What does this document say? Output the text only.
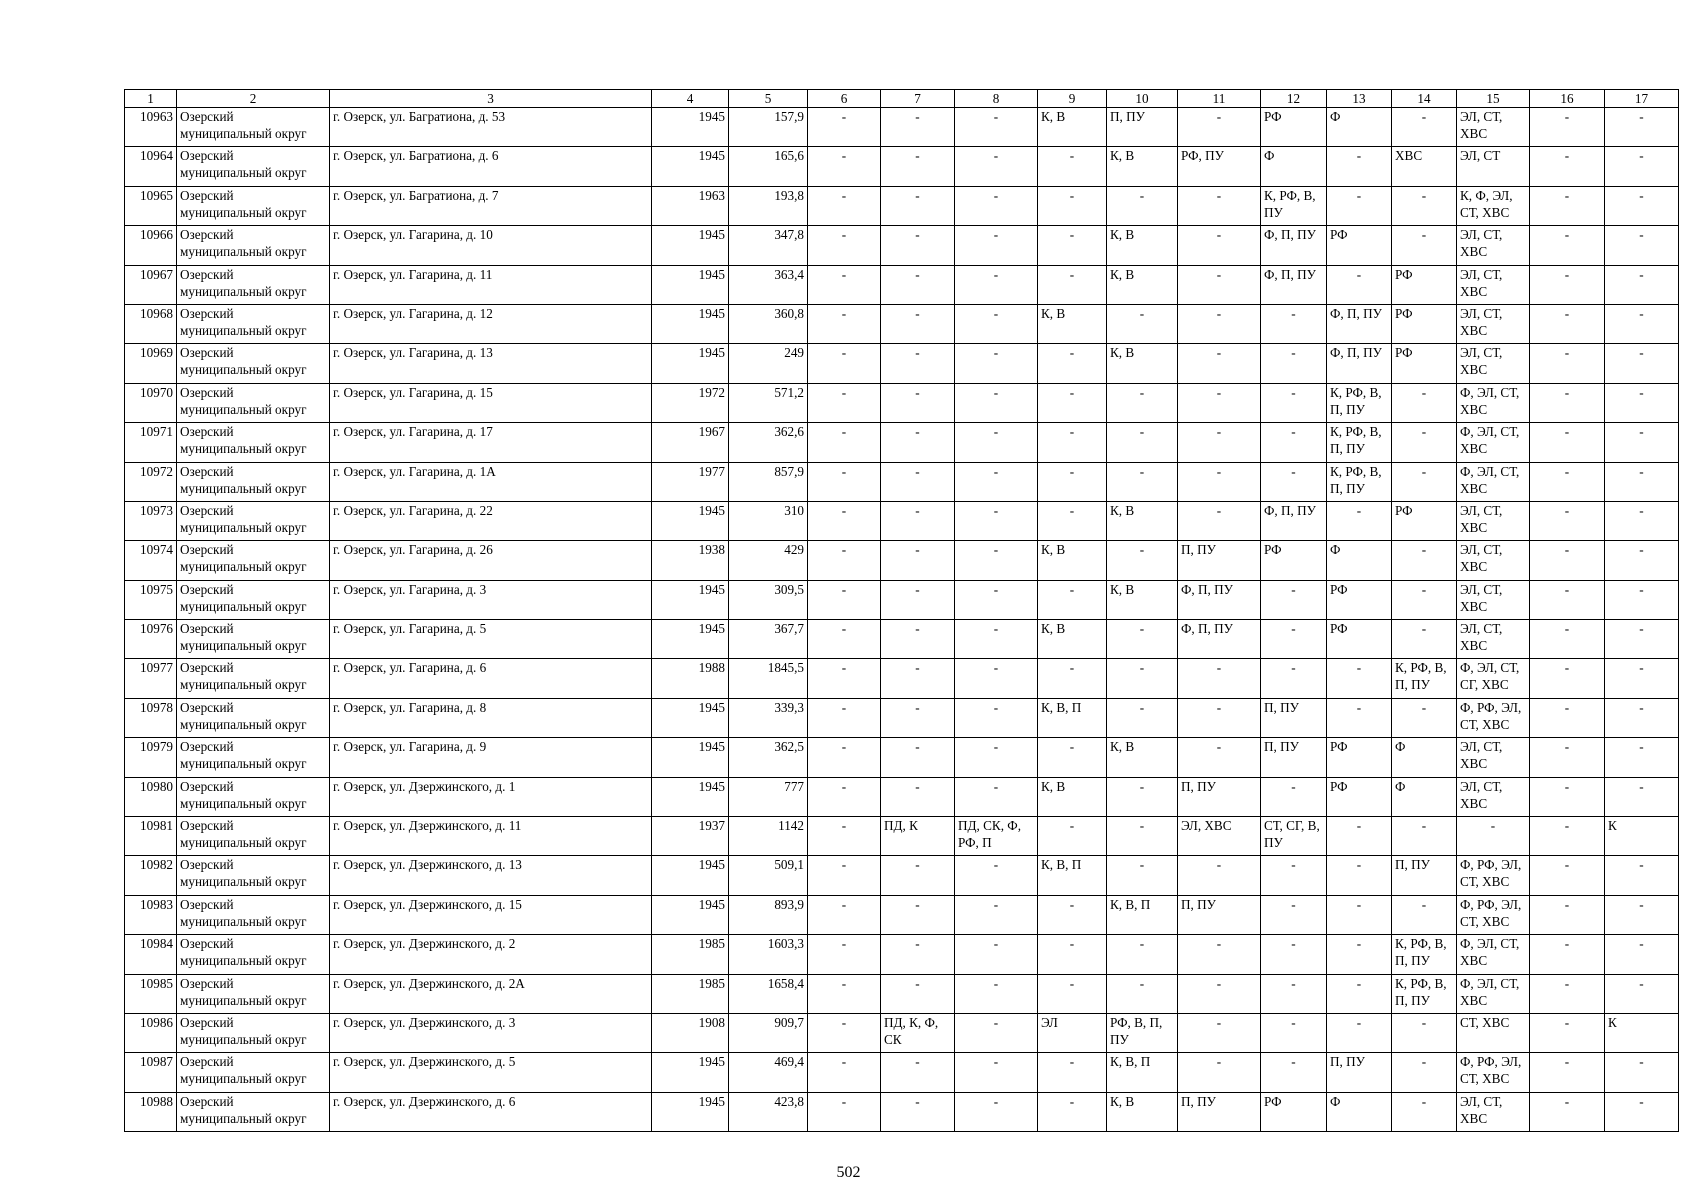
1	2	3	4	5	6	7	8	9	10	11	12	13	14	15	16	17
10963	Озерский муниципальный округ	г. Озерск, ул. Багратиона, д. 53	1945	157,9	-	-	-	К, В	П, ПУ	-	РФ	Ф	-	ЭЛ, СТ, ХВС	-	-
10964	Озерский муниципальный округ	г. Озерск, ул. Багратиона, д. 6	1945	165,6	-	-	-	-	К, В	РФ, ПУ	Ф	-	ХВС	ЭЛ, СТ	-	-
10965	Озерский муниципальный округ	г. Озерск, ул. Багратиона, д. 7	1963	193,8	-	-	-	-	-	-	К, РФ, В, ПУ	-	-	К, Ф, ЭЛ, СТ, ХВС	-	-
10966	Озерский муниципальный округ	г. Озерск, ул. Гагарина, д. 10	1945	347,8	-	-	-	-	К, В	-	Ф, П, ПУ	РФ	-	ЭЛ, СТ, ХВС	-	-
10967	Озерский муниципальный округ	г. Озерск, ул. Гагарина, д. 11	1945	363,4	-	-	-	-	К, В	-	Ф, П, ПУ	-	РФ	ЭЛ, СТ, ХВС	-	-
10968	Озерский муниципальный округ	г. Озерск, ул. Гагарина, д. 12	1945	360,8	-	-	-	К, В	-	-	-	Ф, П, ПУ	РФ	ЭЛ, СТ, ХВС	-	-
10969	Озерский муниципальный округ	г. Озерск, ул. Гагарина, д. 13	1945	249	-	-	-	-	К, В	-	-	Ф, П, ПУ	РФ	ЭЛ, СТ, ХВС	-	-
10970	Озерский муниципальный округ	г. Озерск, ул. Гагарина, д. 15	1972	571,2	-	-	-	-	-	-	-	К, РФ, В, П, ПУ	-	Ф, ЭЛ, СТ, ХВС	-	-
10971	Озерский муниципальный округ	г. Озерск, ул. Гагарина, д. 17	1967	362,6	-	-	-	-	-	-	-	К, РФ, В, П, ПУ	-	Ф, ЭЛ, СТ, ХВС	-	-
10972	Озерский муниципальный округ	г. Озерск, ул. Гагарина, д. 1А	1977	857,9	-	-	-	-	-	-	-	К, РФ, В, П, ПУ	-	Ф, ЭЛ, СТ, ХВС	-	-
10973	Озерский муниципальный округ	г. Озерск, ул. Гагарина, д. 22	1945	310	-	-	-	-	К, В	-	Ф, П, ПУ	-	РФ	ЭЛ, СТ, ХВС	-	-
10974	Озерский муниципальный округ	г. Озерск, ул. Гагарина, д. 26	1938	429	-	-	-	К, В	-	П, ПУ	РФ	Ф	-	ЭЛ, СТ, ХВС	-	-
10975	Озерский муниципальный округ	г. Озерск, ул. Гагарина, д. 3	1945	309,5	-	-	-	-	К, В	Ф, П, ПУ	-	РФ	-	ЭЛ, СТ, ХВС	-	-
10976	Озерский муниципальный округ	г. Озерск, ул. Гагарина, д. 5	1945	367,7	-	-	-	К, В	-	Ф, П, ПУ	-	РФ	-	ЭЛ, СТ, ХВС	-	-
10977	Озерский муниципальный округ	г. Озерск, ул. Гагарина, д. 6	1988	1845,5	-	-	-	-	-	-	-	-	К, РФ, В, П, ПУ	Ф, ЭЛ, СТ, СГ, ХВС	-	-
10978	Озерский муниципальный округ	г. Озерск, ул. Гагарина, д. 8	1945	339,3	-	-	-	К, В, П	-	-	П, ПУ	-	-	Ф, РФ, ЭЛ, СТ, ХВС	-	-
10979	Озерский муниципальный округ	г. Озерск, ул. Гагарина, д. 9	1945	362,5	-	-	-	-	К, В	-	П, ПУ	РФ	Ф	ЭЛ, СТ, ХВС	-	-
10980	Озерский муниципальный округ	г. Озерск, ул. Дзержинского, д. 1	1945	777	-	-	-	К, В	-	П, ПУ	-	РФ	Ф	ЭЛ, СТ, ХВС	-	-
10981	Озерский муниципальный округ	г. Озерск, ул. Дзержинского, д. 11	1937	1142	-	ПД, К	ПД, СК, Ф, РФ, П	-	-	ЭЛ, ХВС	СТ, СГ, В, ПУ	-	-	-	-	К
10982	Озерский муниципальный округ	г. Озерск, ул. Дзержинского, д. 13	1945	509,1	-	-	-	К, В, П	-	-	-	-	П, ПУ	Ф, РФ, ЭЛ, СТ, ХВС	-	-
10983	Озерский муниципальный округ	г. Озерск, ул. Дзержинского, д. 15	1945	893,9	-	-	-	-	К, В, П	П, ПУ	-	-	-	Ф, РФ, ЭЛ, СТ, ХВС	-	-
10984	Озерский муниципальный округ	г. Озерск, ул. Дзержинского, д. 2	1985	1603,3	-	-	-	-	-	-	-	-	К, РФ, В, П, ПУ	Ф, ЭЛ, СТ, ХВС	-	-
10985	Озерский муниципальный округ	г. Озерск, ул. Дзержинского, д. 2А	1985	1658,4	-	-	-	-	-	-	-	-	К, РФ, В, П, ПУ	Ф, ЭЛ, СТ, ХВС	-	-
10986	Озерский муниципальный округ	г. Озерск, ул. Дзержинского, д. 3	1908	909,7	-	ПД, К, Ф, СК	-	ЭЛ	РФ, В, П, ПУ	-	-	-	-	СТ, ХВС	-	К
10987	Озерский муниципальный округ	г. Озерск, ул. Дзержинского, д. 5	1945	469,4	-	-	-	-	К, В, П	-	-	П, ПУ	-	Ф, РФ, ЭЛ, СТ, ХВС	-	-
10988	Озерский муниципальный округ	г. Озерск, ул. Дзержинского, д. 6	1945	423,8	-	-	-	-	К, В	П, ПУ	РФ	Ф	-	ЭЛ, СТ, ХВС	-	-
502
